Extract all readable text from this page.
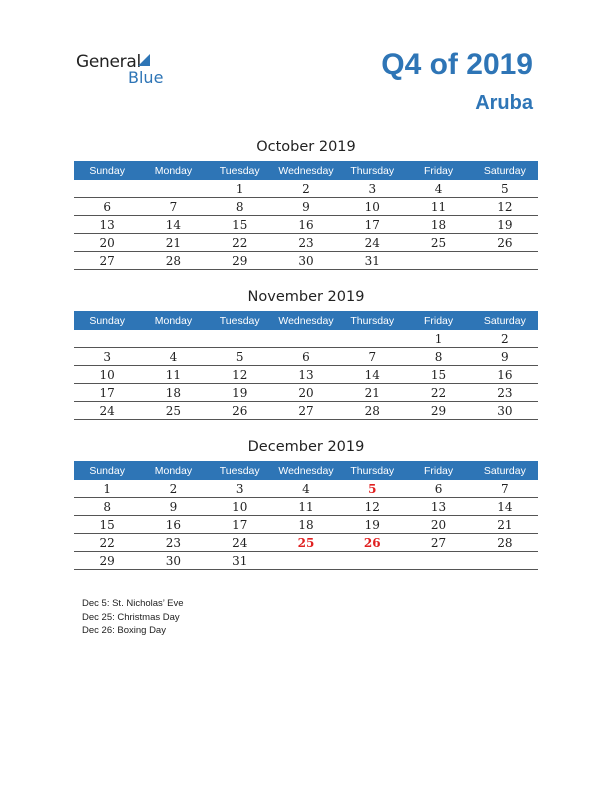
General
Blue	Q4 of 2019
Aruba
October 2019
Sunday	Monday	Tuesday	Wednesday	Thursday	Friday	Saturday
		1	2	3	4	5
6	7	8	9	10	11	12
13	14	15	16	17	18	19
20	21	22	23	24	25	26
27	28	29	30	31		
November 2019
Sunday	Monday	Tuesday	Wednesday	Thursday	Friday	Saturday
					1	2
3	4	5	6	7	8	9
10	11	12	13	14	15	16
17	18	19	20	21	22	23
24	25	26	27	28	29	30
December 2019
Sunday	Monday	Tuesday	Wednesday	Thursday	Friday	Saturday
1	2	3	4	5	6	7
8	9	10	11	12	13	14
15	16	17	18	19	20	21
22	23	24	25	26	27	28
29	30	31				
Dec 5: St. Nicholas’ Eve
Dec 25: Christmas Day
Dec 26: Boxing Day
